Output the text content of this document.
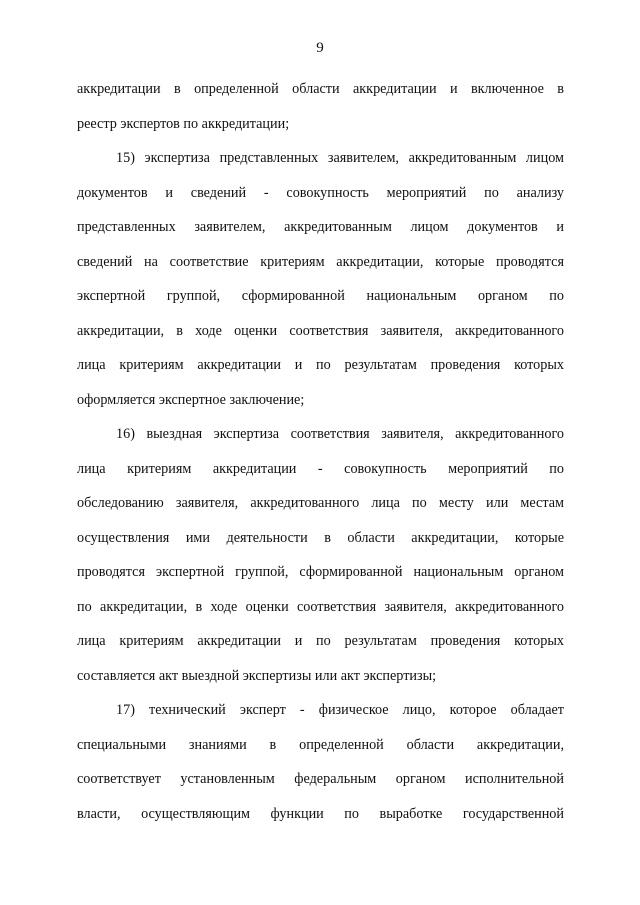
9
аккредитации в определенной области аккредитации и включенное в
реестр экспертов по аккредитации;
15) экспертиза представленных заявителем, аккредитованным лицом
документов и сведений - совокупность мероприятий по анализу
представленных заявителем, аккредитованным лицом документов и
сведений на соответствие критериям аккредитации, которые проводятся
экспертной группой, сформированной национальным органом по
аккредитации, в ходе оценки соответствия заявителя, аккредитованного
лица критериям аккредитации и по результатам проведения которых
оформляется экспертное заключение;
16) выездная экспертиза соответствия заявителя, аккредитованного
лица критериям аккредитации - совокупность мероприятий по
обследованию заявителя, аккредитованного лица по месту или местам
осуществления ими деятельности в области аккредитации, которые
проводятся экспертной группой, сформированной национальным органом
по аккредитации, в ходе оценки соответствия заявителя, аккредитованного
лица критериям аккредитации и по результатам проведения которых
составляется акт выездной экспертизы или акт экспертизы;
17) технический эксперт - физическое лицо, которое обладает
специальными знаниями в определенной области аккредитации,
соответствует установленным федеральным органом исполнительной
власти, осуществляющим функции по выработке государственной
